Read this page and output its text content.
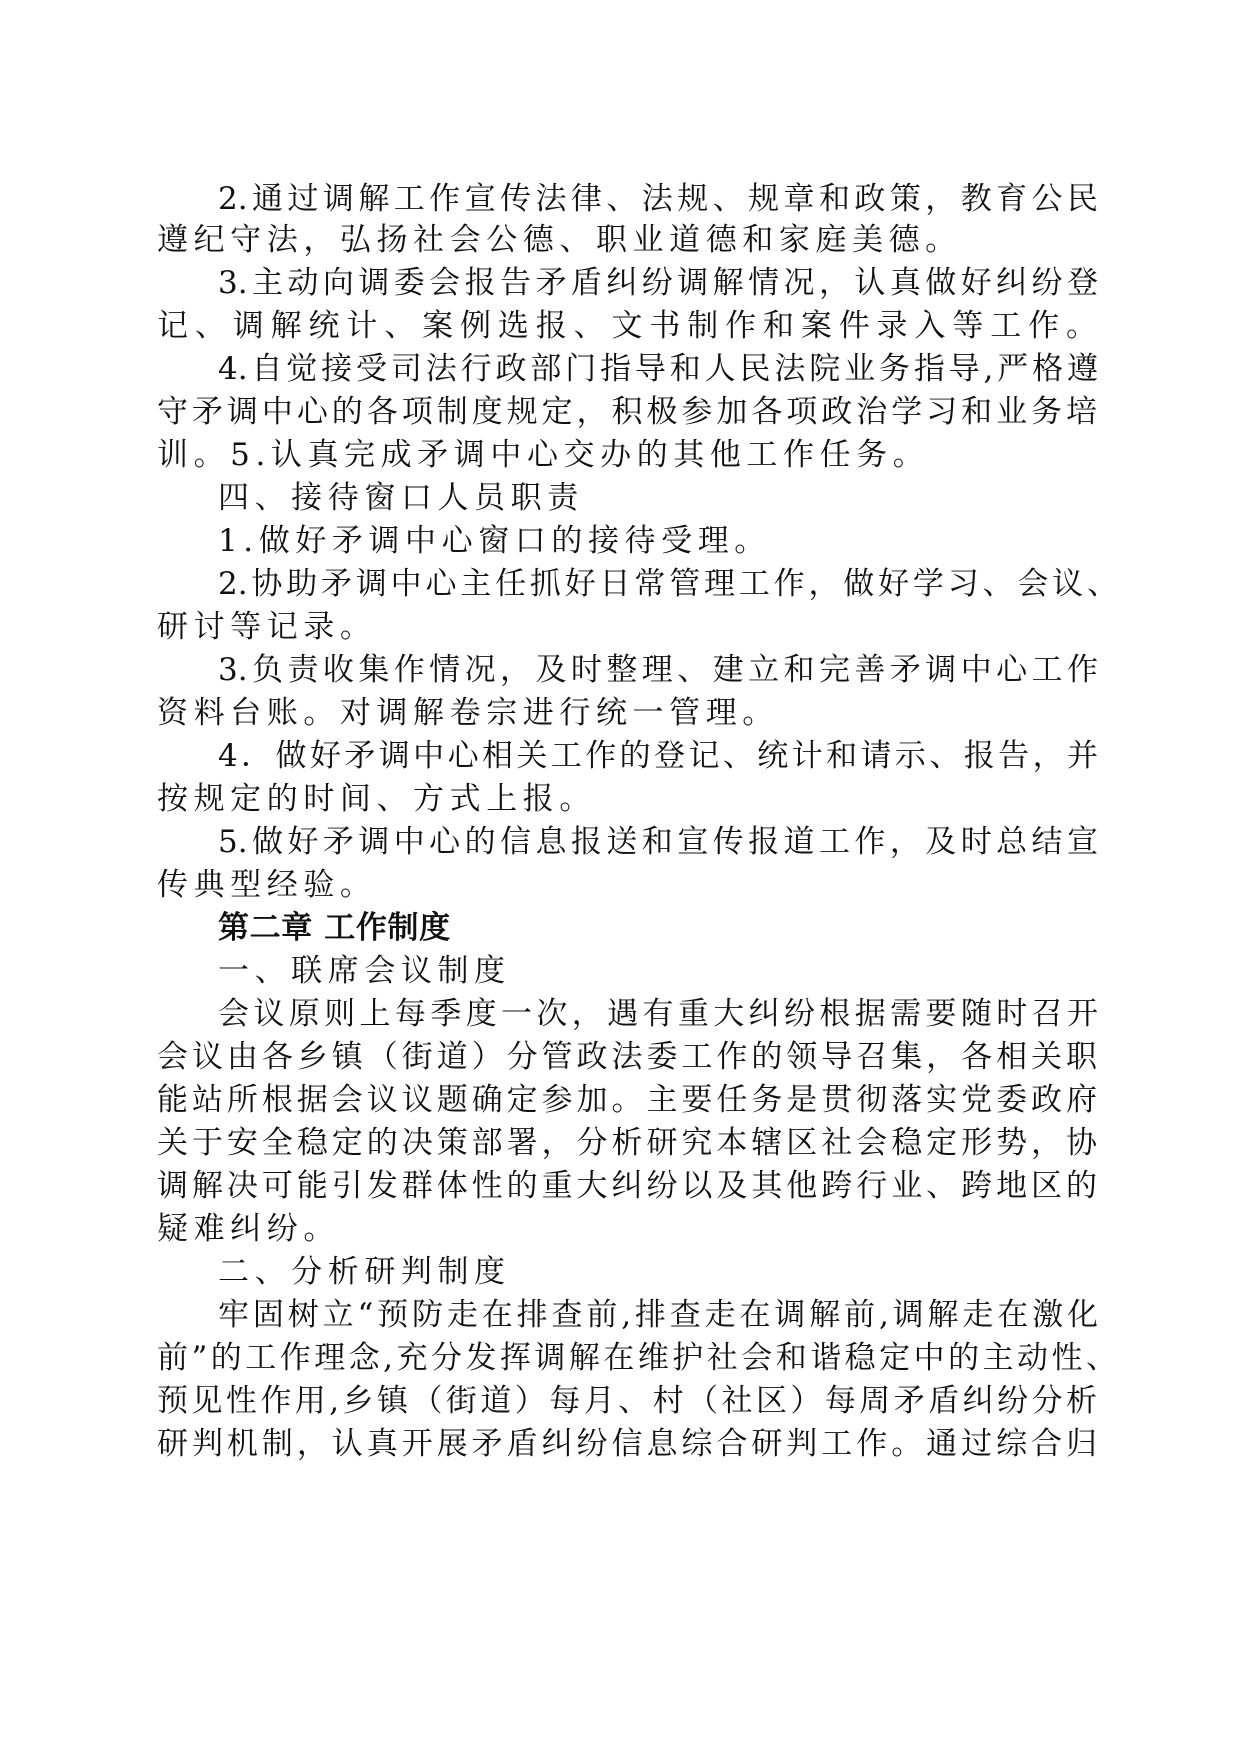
2.通过调解工作宣传法律、法规、规章和政策，教育公民

遵纪守法，弘扬社会公德、职业道德和家庭美德。

3.主动向调委会报告矛盾纠纷调解情况，认真做好纠纷登

记、调解统计、案例选报、文书制作和案件录入等工作。

4.自觉接受司法行政部门指导和人民法院业务指导,严格遵

守矛调中心的各项制度规定，积极参加各项政治学习和业务培

训。5.认真完成矛调中心交办的其他工作任务。

四、接待窗口人员职责

1.做好矛调中心窗口的接待受理。

2.协助矛调中心主任抓好日常管理工作，做好学习、会议、

研讨等记录。

3.负责收集作情况，及时整理、建立和完善矛调中心工作

资料台账。对调解卷宗进行统一管理。

4．做好矛调中心相关工作的登记、统计和请示、报告，并

按规定的时间、方式上报。

5.做好矛调中心的信息报送和宣传报道工作，及时总结宣

传典型经验。

第二章 工作制度

一、联席会议制度

会议原则上每季度一次，遇有重大纠纷根据需要随时召开

会议由各乡镇（街道）分管政法委工作的领导召集，各相关职

能站所根据会议议题确定参加。主要任务是贯彻落实党委政府

关于安全稳定的决策部署，分析研究本辖区社会稳定形势，协

调解决可能引发群体性的重大纠纷以及其他跨行业、跨地区的

疑难纠纷。

二、分析研判制度

牢固树立“预防走在排查前,排查走在调解前,调解走在激化

前”的工作理念,充分发挥调解在维护社会和谐稳定中的主动性、

预见性作用,乡镇（街道）每月、村（社区）每周矛盾纠纷分析

研判机制，认真开展矛盾纠纷信息综合研判工作。通过综合归
